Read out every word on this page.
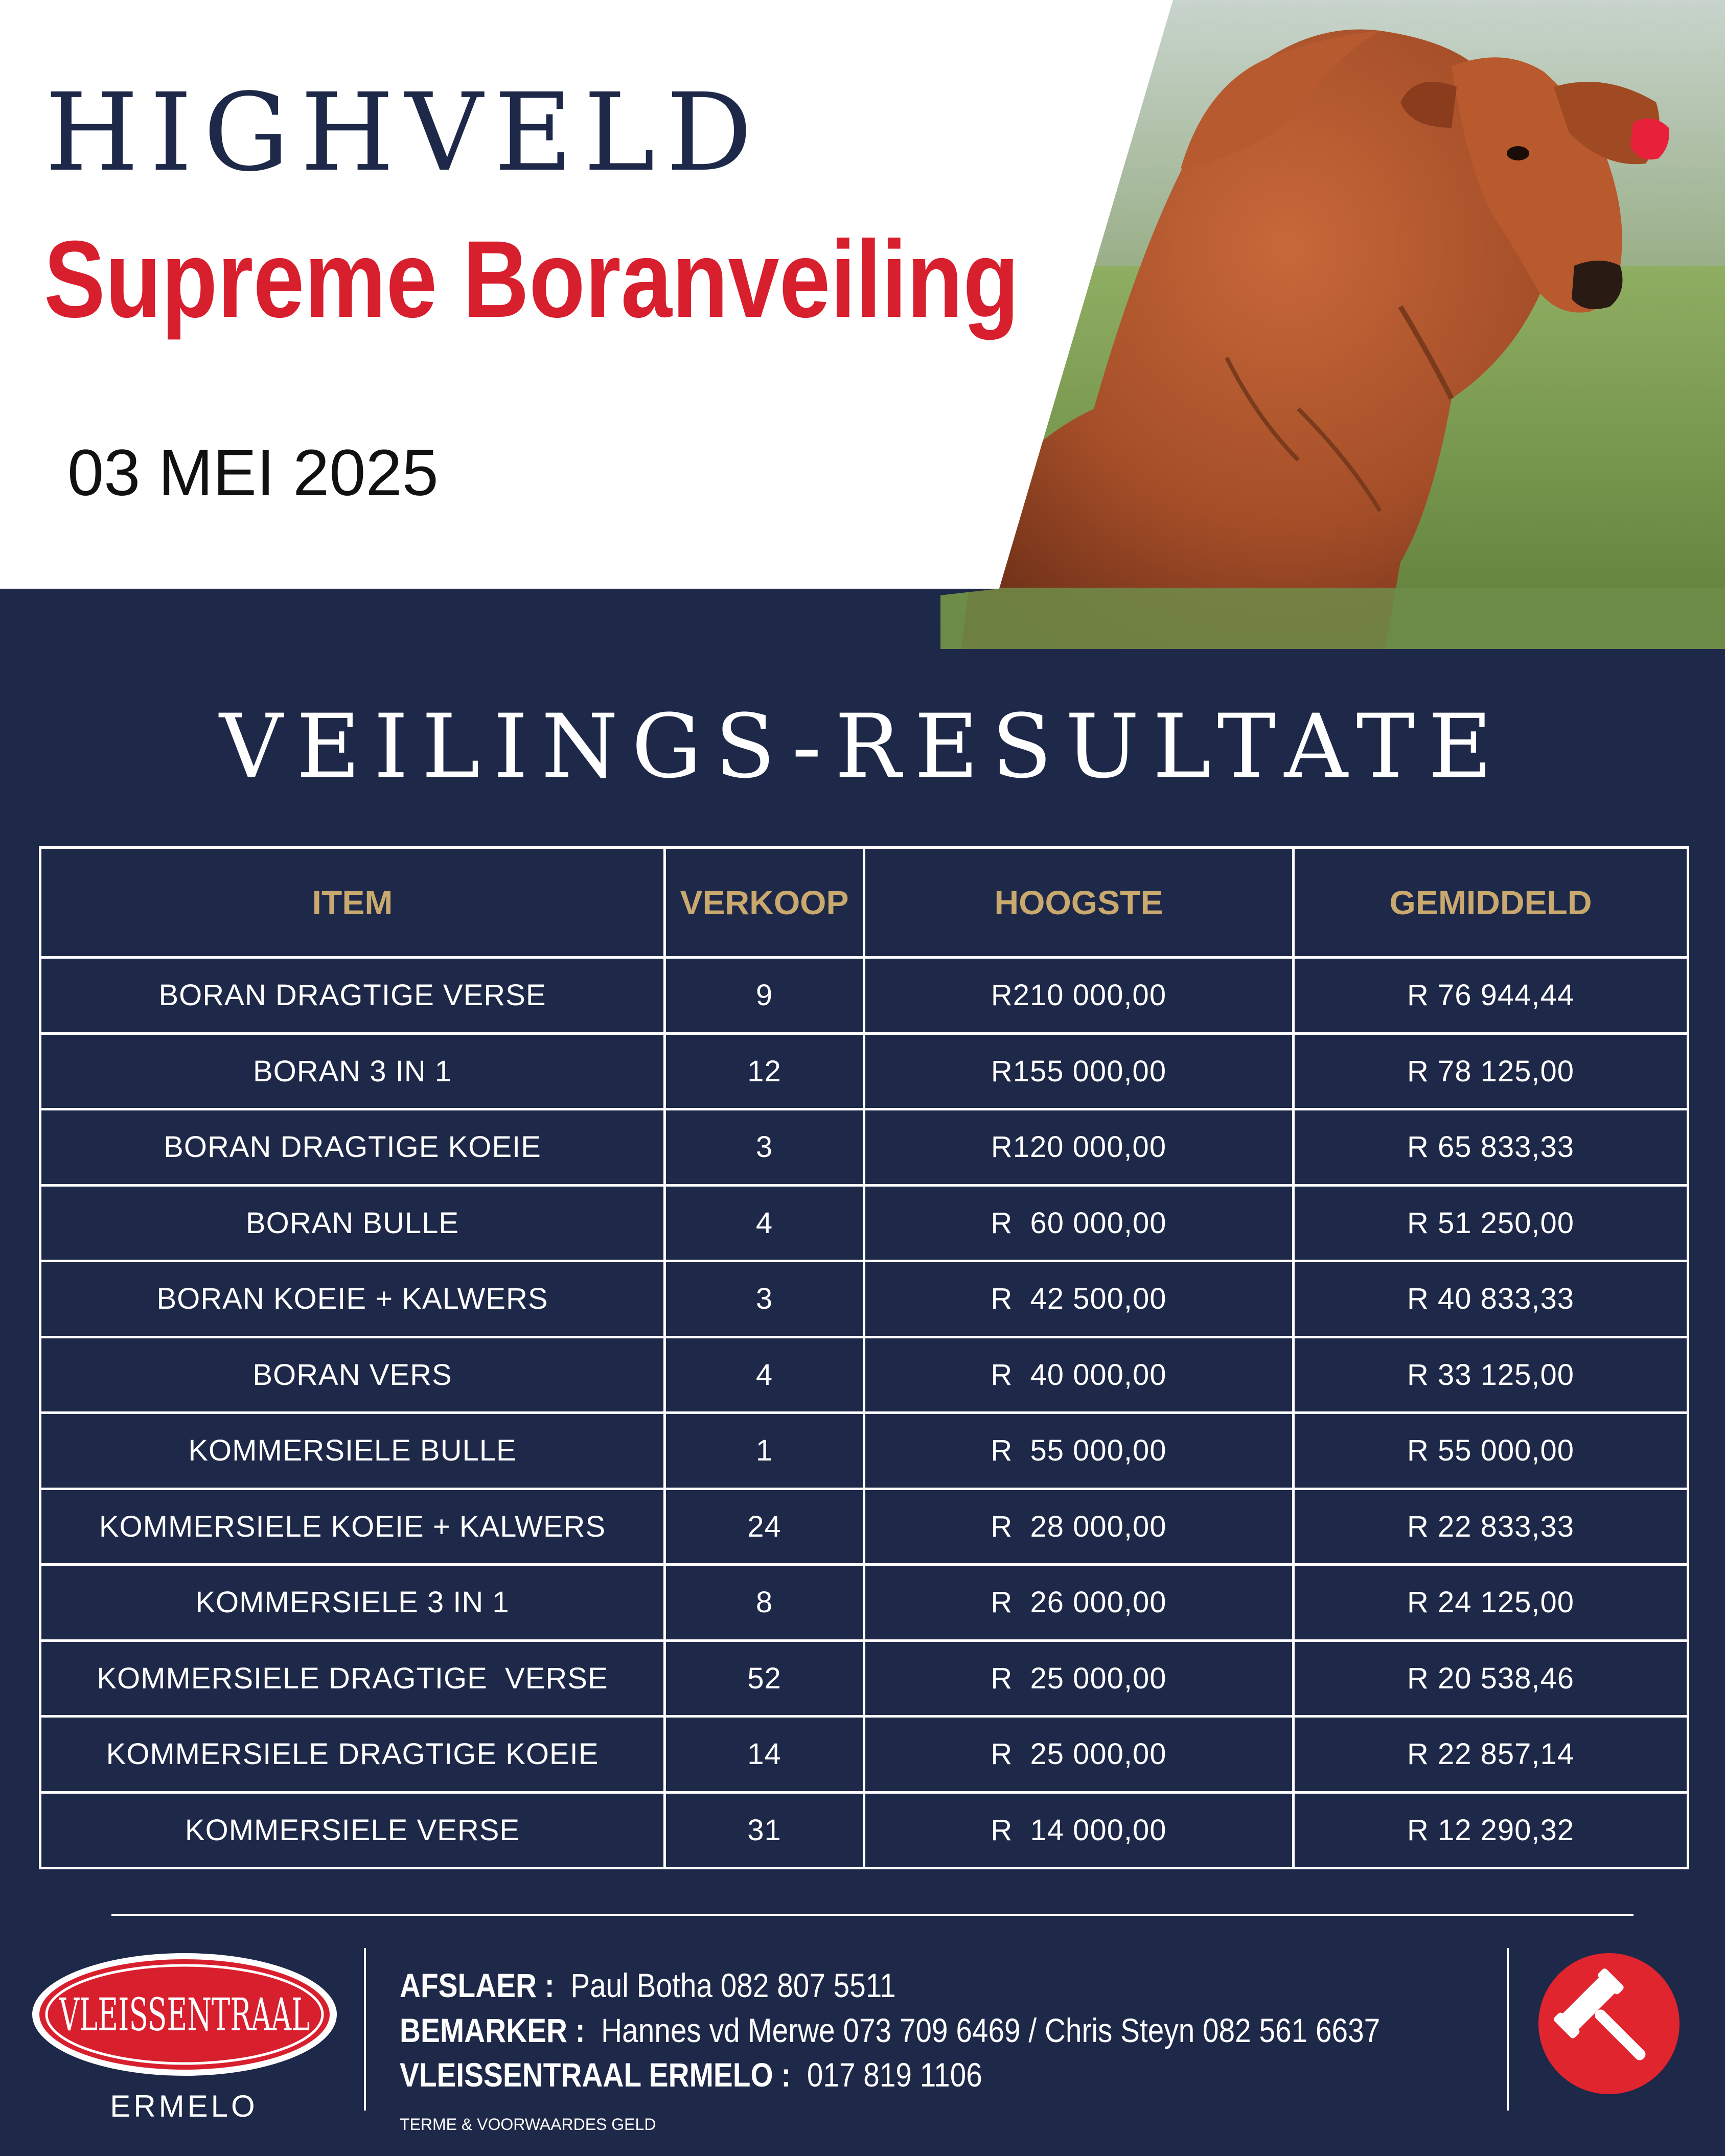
HIGHVELD
Supreme Boranveiling
03 MEI 2025
VEILINGS-RESULTATE
ITEM	VERKOOP	HOOGSTE	GEMIDDELD
BORAN DRAGTIGE VERSE	9	R210 000,00	R 76 944,44
BORAN 3 IN 1	12	R155 000,00	R 78 125,00
BORAN DRAGTIGE KOEIE	3	R120 000,00	R 65 833,33
BORAN BULLE	4	R  60 000,00	R 51 250,00
BORAN KOEIE + KALWERS	3	R  42 500,00	R 40 833,33
BORAN VERS	4	R  40 000,00	R 33 125,00
KOMMERSIELE BULLE	1	R  55 000,00	R 55 000,00
KOMMERSIELE KOEIE + KALWERS	24	R  28 000,00	R 22 833,33
KOMMERSIELE 3 IN 1	8	R  26 000,00	R 24 125,00
KOMMERSIELE DRAGTIGE  VERSE	52	R  25 000,00	R 20 538,46
KOMMERSIELE DRAGTIGE KOEIE	14	R  25 000,00	R 22 857,14
KOMMERSIELE VERSE	31	R  14 000,00	R 12 290,32
VLEISSENTRAAL
ERMELO
AFSLAER :  Paul Botha 082 807 5511
BEMARKER :  Hannes vd Merwe 073 709 6469 / Chris Steyn 082 561 6637
VLEISSENTRAAL ERMELO :  017 819 1106
TERME & VOORWAARDES GELD
